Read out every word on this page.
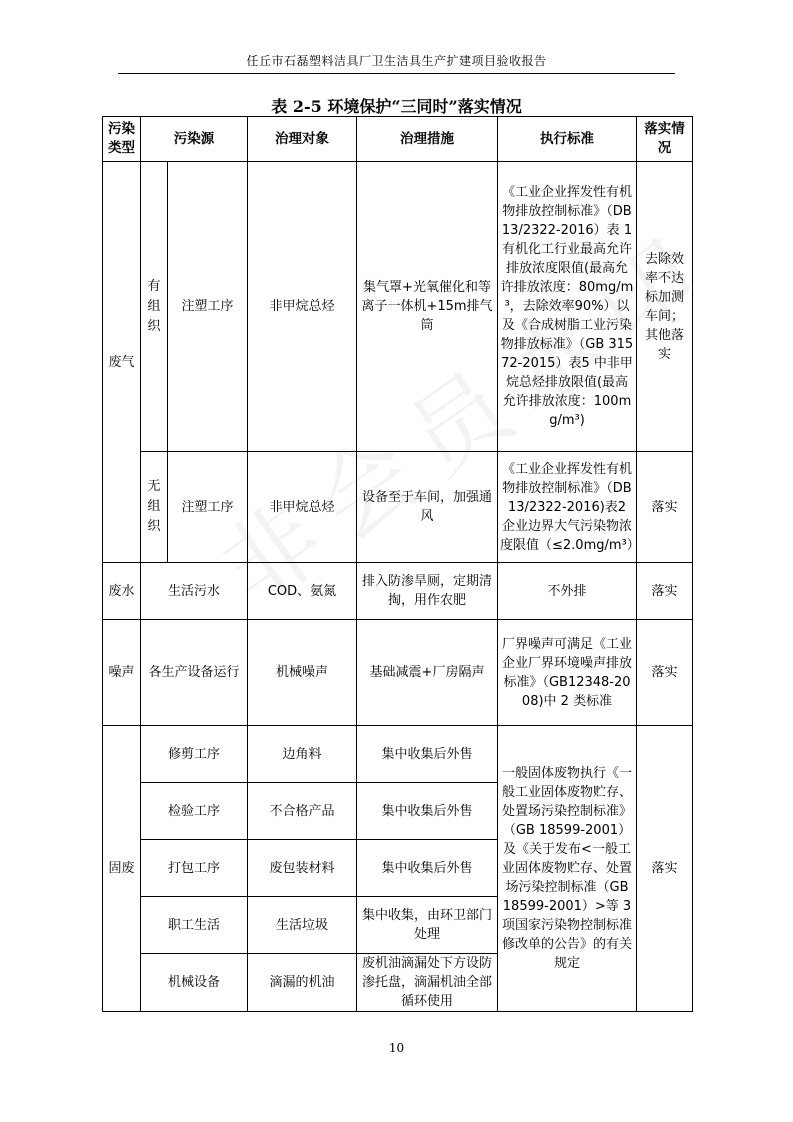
任丘市石磊塑料洁具厂卫生洁具生产扩建项目验收报告
表 2-5 环境保护“三同时”落实情况
污染类型	污染源		治理对象	治理措施	执行标准	落实情况
废气	有组织	注塑工序	非甲烷总烃	集气罩+光氧催化和等离子一体机+15m排气筒	《工业企业挥发性有机物排放控制标准》（DB 13/2322-2016）表 1 有机化工行业最高允许排放浓度限值(最高允许排放浓度：80mg/m³，去除效率90%）以及《合成树脂工业污染物排放标准》（GB 31572-2015）表5 中非甲烷总烃排放限值(最高允许排放浓度：100mg/m³)	去除效率不达标加测车间；其他落实
	无组织	注塑工序	非甲烷总烃	设备至于车间，加强通风	《工业企业挥发性有机物排放控制标准》（DB13/2322-2016)表2 企业边界大气污染物浓度限值（≤2.0mg/m³）	落实
废水	生活污水		COD、氨氮	排入防渗旱厕，定期清掏，用作农肥	不外排	落实
噪声	各生产设备运行		机械噪声	基础减震+厂房隔声	厂界噪声可满足《工业企业厂界环境噪声排放标准》（GB12348-2008)中 2 类标准	落实
固废	修剪工序		边角料	集中收集后外售	一般固体废物执行《一般工业固体废物贮存、处置场污染控制标准》（GB 18599-2001）及《关于发布<一般工业固体废物贮存、处置场污染控制标准（GB 18599-2001）>等 3 项国家污染物控制标准修改单的公告》的有关规定	落实
	检验工序		不合格产品	集中收集后外售		
	打包工序		废包装材料	集中收集后外售		
	职工生活		生活垃圾	集中收集，由环卫部门处理		
	机械设备		滴漏的机油	废机油滴漏处下方设防渗托盘，滴漏机油全部循环使用		
10
